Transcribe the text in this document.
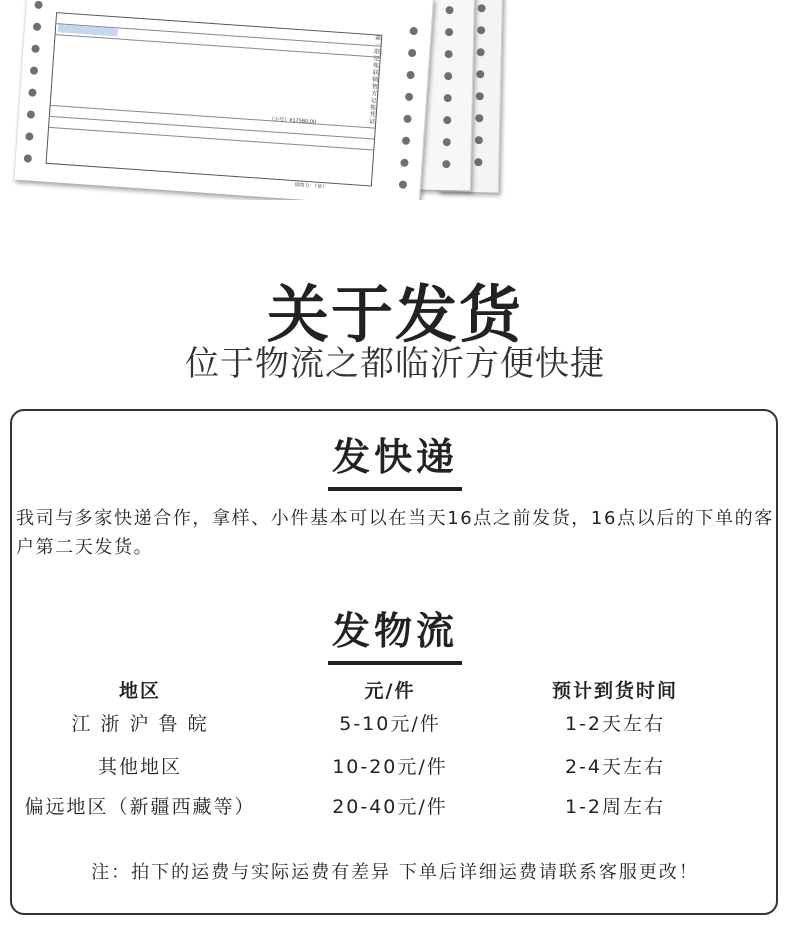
第一联：记账联 销售方记账凭证
（小写）¥17580.00
销售方：（章）
关于发货
位于物流之都临沂方便快捷
发快递
我司与多家快递合作，拿样、小件基本可以在当天16点之前发货，16点以后的下单的客户第二天发货。
发物流
地区	元/件	预计到货时间
江 浙 沪 鲁 皖	5-10元/件	1-2天左右
其他地区	10-20元/件	2-4天左右
偏远地区（新疆西藏等）	20-40元/件	1-2周左右
注：拍下的运费与实际运费有差异 下单后详细运费请联系客服更改！
